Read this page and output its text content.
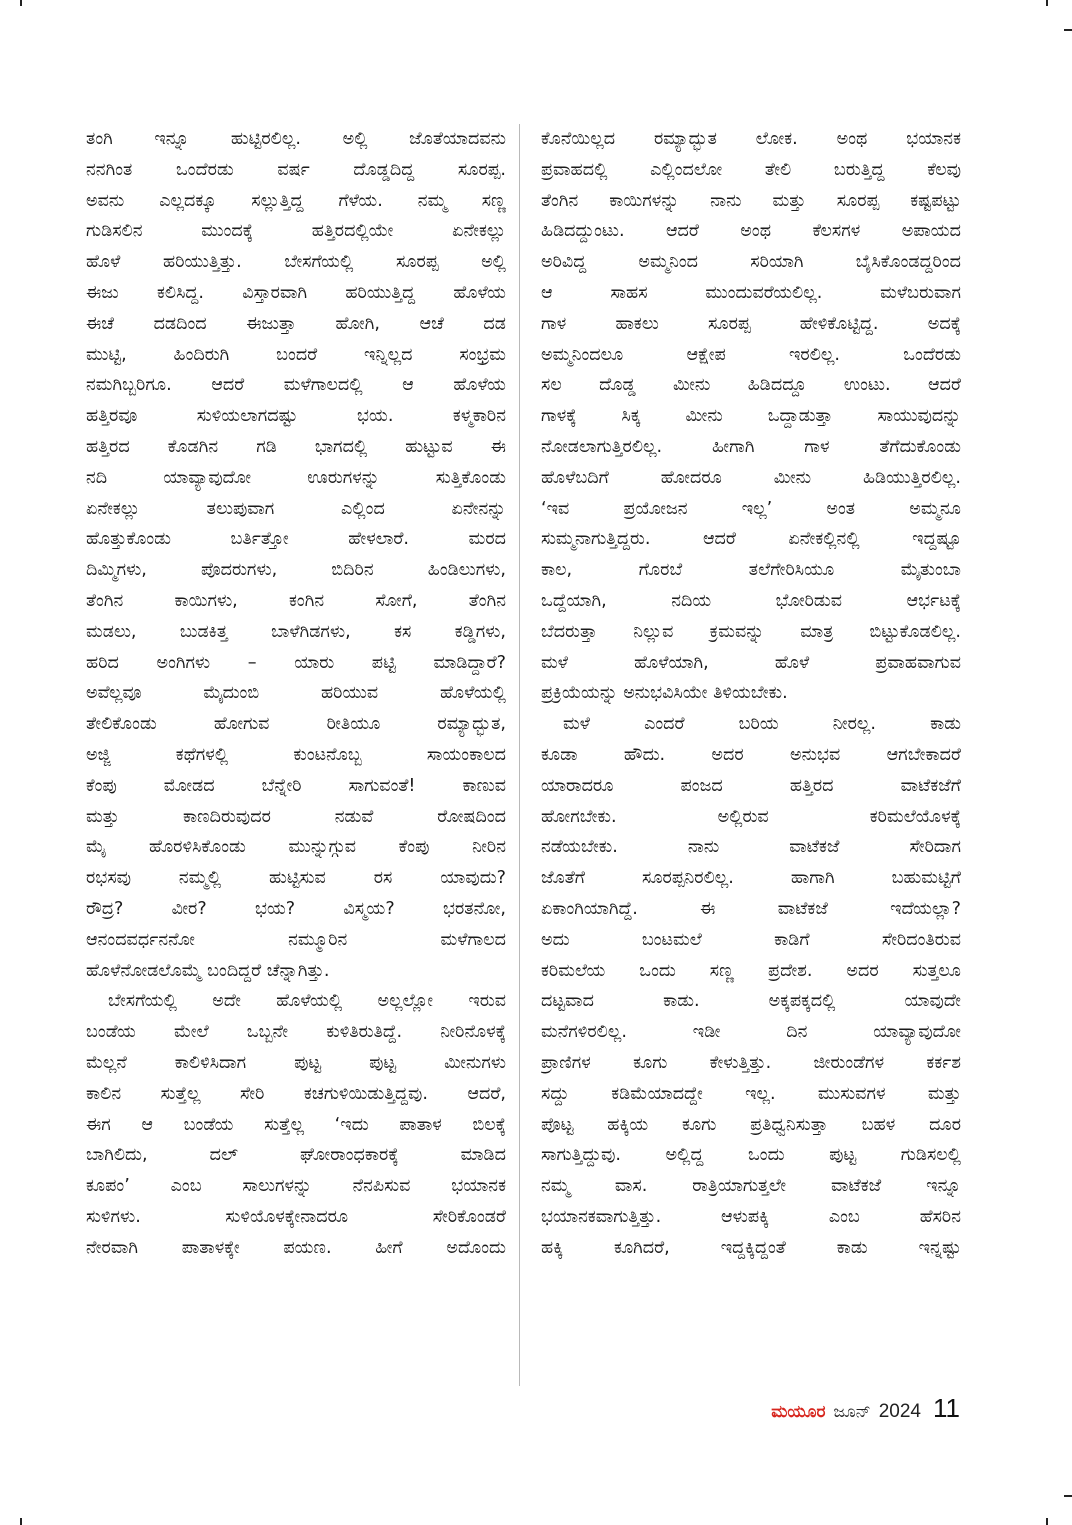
ತಂಗಿ ಇನ್ನೂ ಹುಟ್ಟಿರಲಿಲ್ಲ. ಅಲ್ಲಿ ಜೊತೆಯಾದವನು
ನನಗಿಂತ ಒಂದೆರಡು ವರ್ಷ ದೊಡ್ಡದಿದ್ದ ಸೂರಪ್ಪ.
ಅವನು ಎಲ್ಲದಕ್ಕೂ ಸಲ್ಲುತ್ತಿದ್ದ ಗೆಳೆಯ. ನಮ್ಮ ಸಣ್ಣ
ಗುಡಿಸಲಿನ ಮುಂದಕ್ಕೆ ಹತ್ತಿರದಲ್ಲಿಯೇ ಏನೇಕಲ್ಲು
ಹೊಳೆ ಹರಿಯುತ್ತಿತ್ತು. ಬೇಸಗೆಯಲ್ಲಿ ಸೂರಪ್ಪ ಅಲ್ಲಿ
ಈಜು ಕಲಿಸಿದ್ದ. ವಿಸ್ತಾರವಾಗಿ ಹರಿಯುತ್ತಿದ್ದ ಹೊಳೆಯ
ಈಚೆ ದಡದಿಂದ ಈಜುತ್ತಾ ಹೋಗಿ, ಆಚೆ ದಡ
ಮುಟ್ಟಿ, ಹಿಂದಿರುಗಿ ಬಂದರೆ ಇನ್ನಿಲ್ಲದ ಸಂಭ್ರಮ
ನಮಗಿಬ್ಬರಿಗೂ. ಆದರೆ ಮಳೆಗಾಲದಲ್ಲಿ ಆ ಹೊಳೆಯ
ಹತ್ತಿರವೂ ಸುಳಿಯಲಾಗದಷ್ಟು ಭಯ. ಕಳ್ಮಕಾರಿನ
ಹತ್ತಿರದ ಕೊಡಗಿನ ಗಡಿ ಭಾಗದಲ್ಲಿ ಹುಟ್ಟುವ ಈ
ನದಿ ಯಾವ್ಯಾವುದೋ ಊರುಗಳನ್ನು ಸುತ್ತಿಕೊಂಡು
ಏನೇಕಲ್ಲು ತಲುಪುವಾಗ ಎಲ್ಲಿಂದ ಏನೇನನ್ನು
ಹೊತ್ತುಕೊಂಡು ಬರ್ತಿತ್ತೋ ಹೇಳಲಾರೆ. ಮರದ
ದಿಮ್ಮಿಗಳು, ಪೊದರುಗಳು, ಬಿದಿರಿನ ಹಿಂಡಿಲುಗಳು,
ತೆಂಗಿನ ಕಾಯಿಗಳು, ಕಂಗಿನ ಸೋಗೆ, ತೆಂಗಿನ
ಮಡಲು, ಬುಡಕಿತ್ತ ಬಾಳೆಗಿಡಗಳು, ಕಸ ಕಡ್ಡಿಗಳು,
ಹರಿದ ಅಂಗಿಗಳು – ಯಾರು ಪಟ್ಟಿ ಮಾಡಿದ್ದಾರೆ?
ಅವೆಲ್ಲವೂ ಮೈದುಂಬಿ ಹರಿಯುವ ಹೊಳೆಯಲ್ಲಿ
ತೇಲಿಕೊಂಡು ಹೋಗುವ ರೀತಿಯೂ ರಮ್ಯಾದ್ಭುತ,
ಅಜ್ಜಿ ಕಥೆಗಳಲ್ಲಿ ಕುಂಟನೊಬ್ಬ ಸಾಯಂಕಾಲದ
ಕೆಂಪು ಮೋಡದ ಬೆನ್ನೇರಿ ಸಾಗುವಂತೆ! ಕಾಣುವ
ಮತ್ತು ಕಾಣದಿರುವುದರ ನಡುವೆ ರೋಷದಿಂದ
ಮೈ ಹೊರಳಿಸಿಕೊಂಡು ಮುನ್ನುಗ್ಗುವ ಕೆಂಪು ನೀರಿನ
ರಭಸವು ನಮ್ಮಲ್ಲಿ ಹುಟ್ಟಿಸುವ ರಸ ಯಾವುದು?
ರೌದ್ರ? ವೀರ? ಭಯ? ವಿಸ್ಮಯ? ಭರತನೋ,
ಆನಂದವರ್ಧನನೋ ನಮ್ಮೂರಿನ ಮಳೆಗಾಲದ
ಹೊಳೆನೋಡಲೊಮ್ಮೆ ಬಂದಿದ್ದರೆ ಚೆನ್ನಾಗಿತ್ತು.
ಬೇಸಗೆಯಲ್ಲಿ ಅದೇ ಹೊಳೆಯಲ್ಲಿ ಅಲ್ಲಲ್ಲೋ ಇರುವ
ಬಂಡೆಯ ಮೇಲೆ ಒಬ್ಬನೇ ಕುಳಿತಿರುತಿದ್ದೆ. ನೀರಿನೊಳಕ್ಕೆ
ಮೆಲ್ಲನೆ ಕಾಲಿಳಿಸಿದಾಗ ಪುಟ್ಟ ಪುಟ್ಟ ಮೀನುಗಳು
ಕಾಲಿನ ಸುತ್ತೆಲ್ಲ ಸೇರಿ ಕಚಗುಳಿಯಿಡುತ್ತಿದ್ದವು. ಆದರೆ,
ಈಗ ಆ ಬಂಡೆಯ ಸುತ್ತೆಲ್ಲ ‘ಇದು ಪಾತಾಳ ಬಿಲಕ್ಕೆ
ಬಾಗಿಲಿದು, ದಲ್ ಘೋರಾಂಧಕಾರಕ್ಕೆ ಮಾಡಿದ
ಕೂಪಂ’ ಎಂಬ ಸಾಲುಗಳನ್ನು ನೆನಪಿಸುವ ಭಯಾನಕ
ಸುಳಿಗಳು. ಸುಳಿಯೊಳಕ್ಕೇನಾದರೂ ಸೇರಿಕೊಂಡರೆ
ನೇರವಾಗಿ ಪಾತಾಳಕ್ಕೇ ಪಯಣ. ಹೀಗೆ ಅದೊಂದು
ಕೊನೆಯಿಲ್ಲದ ರಮ್ಯಾದ್ಭುತ ಲೋಕ. ಅಂಥ ಭಯಾನಕ
ಪ್ರವಾಹದಲ್ಲಿ ಎಲ್ಲಿಂದಲೋ ತೇಲಿ ಬರುತ್ತಿದ್ದ ಕೆಲವು
ತೆಂಗಿನ ಕಾಯಿಗಳನ್ನು ನಾನು ಮತ್ತು ಸೂರಪ್ಪ ಕಷ್ಟಪಟ್ಟು
ಹಿಡಿದದ್ದುಂಟು. ಆದರೆ ಅಂಥ ಕೆಲಸಗಳ ಅಪಾಯದ
ಅರಿವಿದ್ದ ಅಮ್ಮನಿಂದ ಸರಿಯಾಗಿ ಬೈಸಿಕೊಂಡದ್ದರಿಂದ
ಆ ಸಾಹಸ ಮುಂದುವರೆಯಲಿಲ್ಲ. ಮಳೆಬರುವಾಗ
ಗಾಳ ಹಾಕಲು ಸೂರಪ್ಪ ಹೇಳಿಕೊಟ್ಟಿದ್ದ. ಅದಕ್ಕೆ
ಅಮ್ಮನಿಂದಲೂ ಆಕ್ಷೇಪ ಇರಲಿಲ್ಲ. ಒಂದೆರಡು
ಸಲ ದೊಡ್ಡ ಮೀನು ಹಿಡಿದದ್ದೂ ಉಂಟು. ಆದರೆ
ಗಾಳಕ್ಕೆ ಸಿಕ್ಕ ಮೀನು ಒದ್ದಾಡುತ್ತಾ ಸಾಯುವುದನ್ನು
ನೋಡಲಾಗುತ್ತಿರಲಿಲ್ಲ. ಹೀಗಾಗಿ ಗಾಳ ತೆಗೆದುಕೊಂಡು
ಹೊಳೆಬದಿಗೆ ಹೋದರೂ ಮೀನು ಹಿಡಿಯುತ್ತಿರಲಿಲ್ಲ.
‘ಇವ ಪ್ರಯೋಜನ ಇಲ್ಲ’ ಅಂತ ಅಮ್ಮನೂ
ಸುಮ್ಮನಾಗುತ್ತಿದ್ದರು. ಆದರೆ ಏನೇಕಲ್ಲಿನಲ್ಲಿ ಇದ್ದಷ್ಟೂ
ಕಾಲ, ಗೊರಬೆ ತಲೆಗೇರಿಸಿಯೂ ಮೈತುಂಬಾ
ಒದ್ದೆಯಾಗಿ, ನದಿಯ ಭೋರಿಡುವ ಆರ್ಭಟಕ್ಕೆ
ಬೆದರುತ್ತಾ ನಿಲ್ಲುವ ಕ್ರಮವನ್ನು ಮಾತ್ರ ಬಿಟ್ಟುಕೊಡಲಿಲ್ಲ.
ಮಳೆ ಹೊಳೆಯಾಗಿ, ಹೊಳೆ ಪ್ರವಾಹವಾಗುವ
ಪ್ರಕ್ರಿಯೆಯನ್ನು ಅನುಭವಿಸಿಯೇ ತಿಳಿಯಬೇಕು.
ಮಳೆ ಎಂದರೆ ಬರಿಯ ನೀರಲ್ಲ. ಕಾಡು
ಕೂಡಾ ಹೌದು. ಅದರ ಅನುಭವ ಆಗಬೇಕಾದರೆ
ಯಾರಾದರೂ ಪಂಜದ ಹತ್ತಿರದ ವಾಟೆಕಜೆಗೆ
ಹೋಗಬೇಕು. ಅಲ್ಲಿರುವ ಕರಿಮಲೆಯೊಳಕ್ಕೆ
ನಡೆಯಬೇಕು. ನಾನು ವಾಟೆಕಜೆ ಸೇರಿದಾಗ
ಜೊತೆಗೆ ಸೂರಪ್ಪನಿರಲಿಲ್ಲ. ಹಾಗಾಗಿ ಬಹುಮಟ್ಟಿಗೆ
ಏಕಾಂಗಿಯಾಗಿದ್ದೆ. ಈ ವಾಟೆಕಜೆ ಇದೆಯಲ್ಲಾ?
ಅದು ಬಂಟಮಲೆ ಕಾಡಿಗೆ ಸೇರಿದಂತಿರುವ
ಕರಿಮಲೆಯ ಒಂದು ಸಣ್ಣ ಪ್ರದೇಶ. ಅದರ ಸುತ್ತಲೂ
ದಟ್ಟವಾದ ಕಾಡು. ಅಕ್ಕಪಕ್ಕದಲ್ಲಿ ಯಾವುದೇ
ಮನೆಗಳಿರಲಿಲ್ಲ. ಇಡೀ ದಿನ ಯಾವ್ಯಾವುದೋ
ಪ್ರಾಣಿಗಳ ಕೂಗು ಕೇಳುತ್ತಿತ್ತು. ಜೀರುಂಡೆಗಳ ಕರ್ಕಶ
ಸದ್ದು ಕಡಿಮೆಯಾದದ್ದೇ ಇಲ್ಲ. ಮುಸುವಗಳ ಮತ್ತು
ಪೊಟ್ಟ ಹಕ್ಕಿಯ ಕೂಗು ಪ್ರತಿಧ್ವನಿಸುತ್ತಾ ಬಹಳ ದೂರ
ಸಾಗುತ್ತಿದ್ದುವು. ಅಲ್ಲಿದ್ದ ಒಂದು ಪುಟ್ಟ ಗುಡಿಸಲಲ್ಲಿ
ನಮ್ಮ ವಾಸ. ರಾತ್ರಿಯಾಗುತ್ತಲೇ ವಾಟೆಕಜೆ ಇನ್ನೂ
ಭಯಾನಕವಾಗುತ್ತಿತ್ತು. ಆಳುಪಕ್ಕಿ ಎಂಬ ಹೆಸರಿನ
ಹಕ್ಕಿ ಕೂಗಿದರೆ, ಇದ್ದಕ್ಕಿದ್ದಂತೆ ಕಾಡು ಇನ್ನಷ್ಟು
ಮಯೂರ ಜೂನ್ 2024 11
